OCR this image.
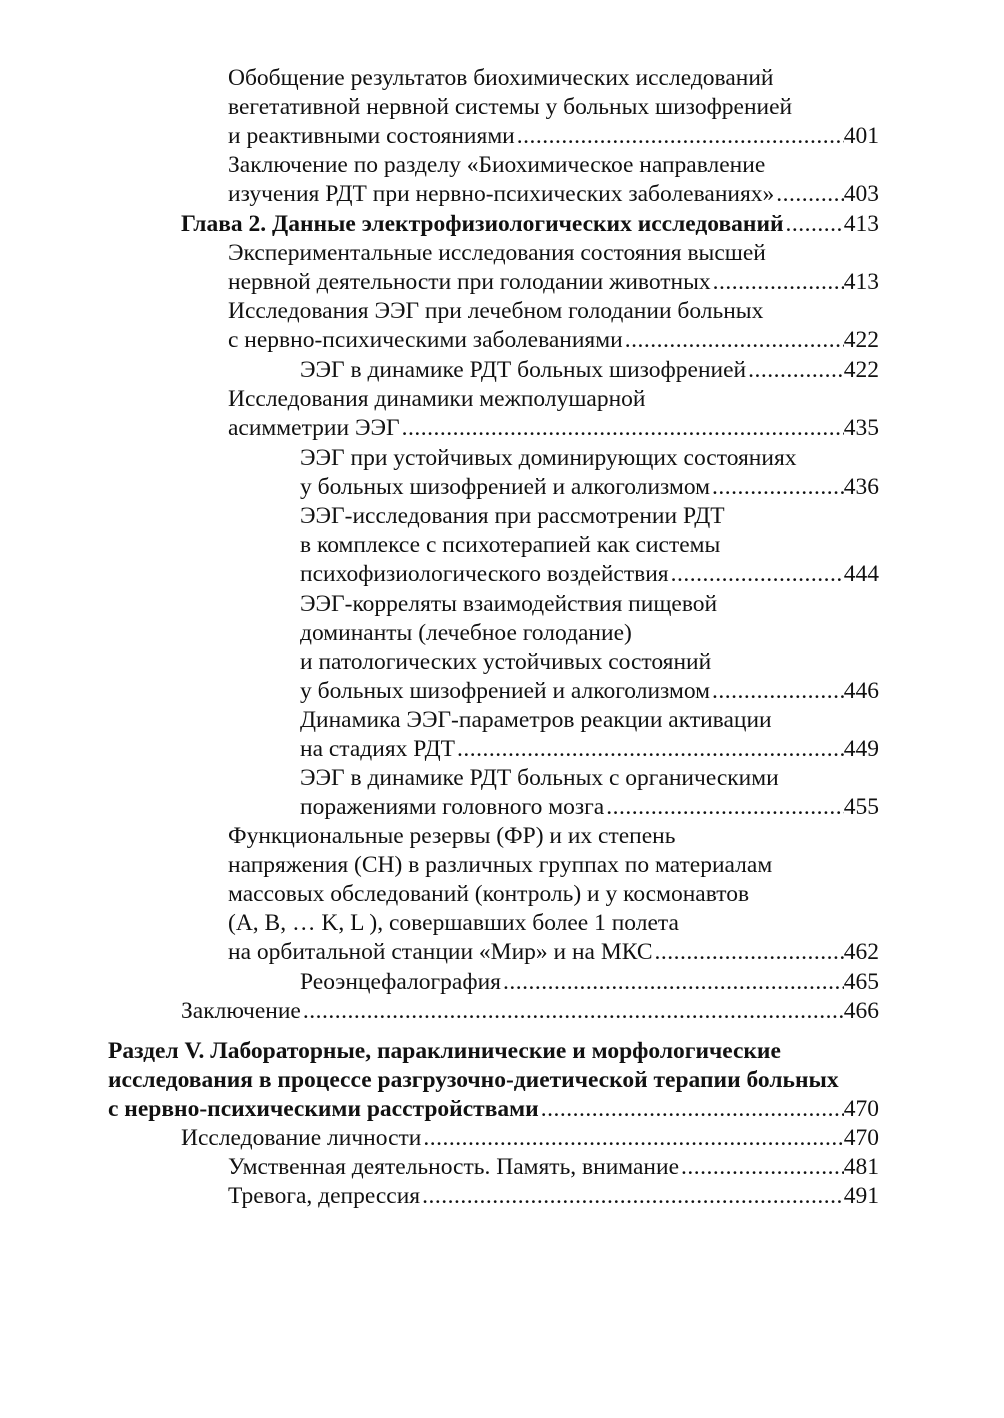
Обобщение результатов биохимических исследований
вегетативной нервной системы у больных шизофренией
и реактивными состояниями .....	401
Заключение по разделу «Биохимическое направление
изучения РДТ при нервно-психических заболеваниях» .....	403
Глава 2. Данные электрофизиологических исследований .....	413
Экспериментальные исследования состояния высшей
нервной деятельности при голодании животных .....	413
Исследования ЭЭГ при лечебном голодании больных
с нервно-психическими заболеваниями .....	422
ЭЭГ в динамике РДТ больных шизофренией .....	422
Исследования динамики межполушарной
асимметрии ЭЭГ .....	435
ЭЭГ при устойчивых доминирующих состояниях
у больных шизофренией и алкоголизмом .....	436
ЭЭГ-исследования при рассмотрении РДТ
в комплексе с психотерапией как системы
психофизиологического воздействия .....	444
ЭЭГ-корреляты взаимодействия пищевой
доминанты (лечебное голодание)
и патологических устойчивых состояний
у больных шизофренией и алкоголизмом .....	446
Динамика ЭЭГ-параметров реакции активации
на стадиях РДТ .....	449
ЭЭГ в динамике РДТ больных с органическими
поражениями головного мозга .....	455
Функциональные резервы (ФР) и их степень
напряжения (СН) в различных группах по материалам
массовых обследований (контроль) и у космонавтов
(А, В, … K, L ), совершавших более 1 полета
на орбитальной станции «Мир» и на МКС .....	462
Реоэнцефалография .....	465
Заключение .....	466
Раздел V. Лабораторные, параклинические и морфологические
исследования в процессе разгрузочно-диетической терапии больных
с нервно-психическими расстройствами .....	470
Исследование личности .....	470
Умственная деятельность. Память, внимание .....	481
Тревога, депрессия .....	491
